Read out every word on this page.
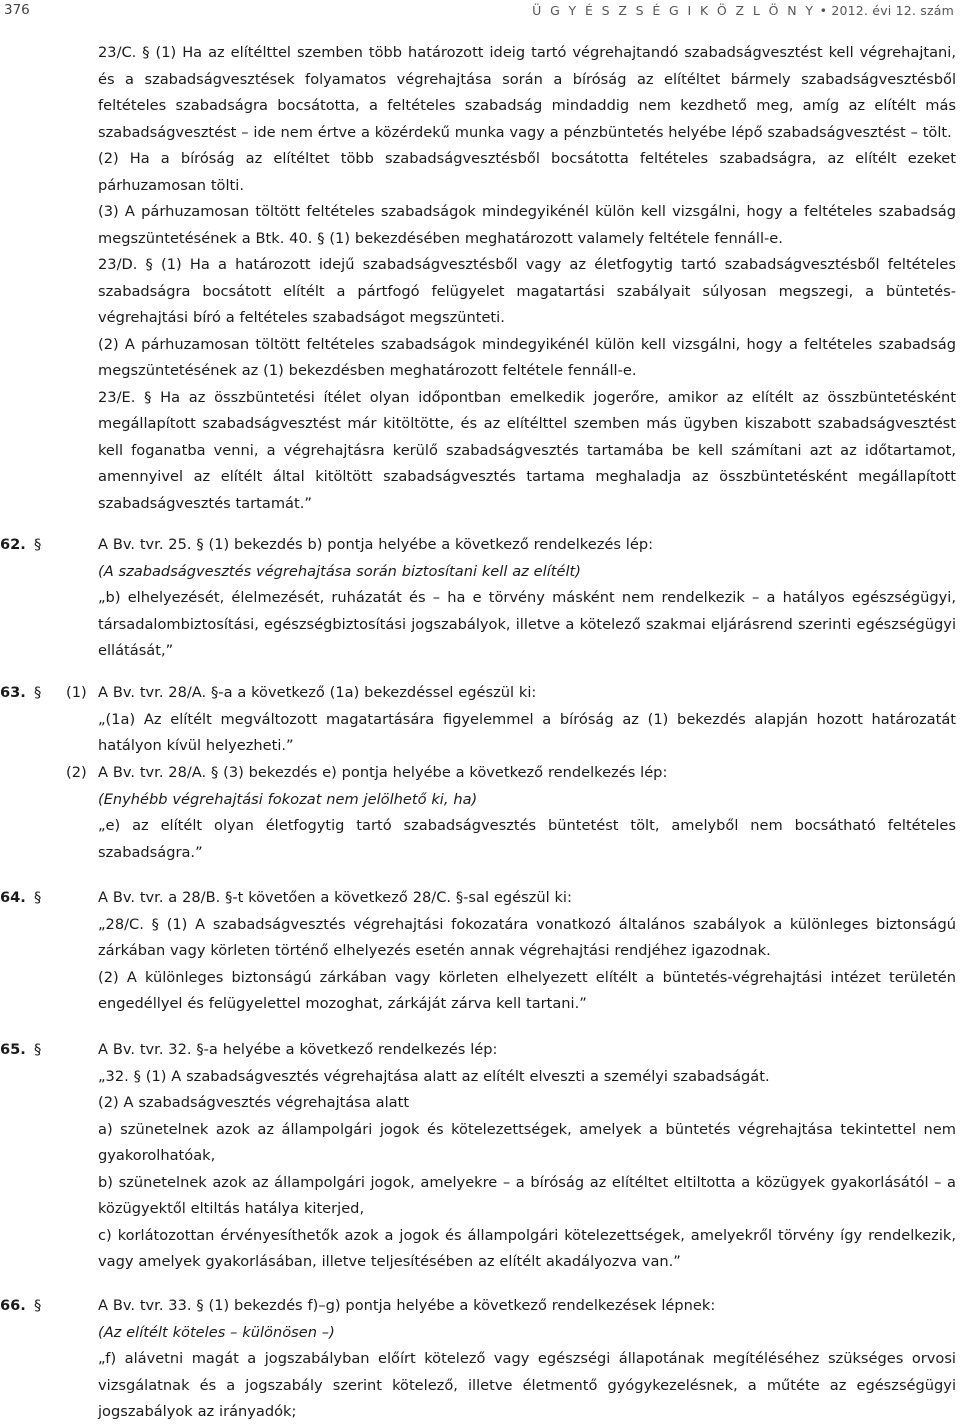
376	Ü G Y É S Z S É G I K Ö Z L Ö N Y • 2012. évi 12. szám

23/C. § (1) Ha az elítélttel szemben több határozott ideig tartó végrehajtandó szabadságvesztést kell végrehajtani, és a szabadságvesztések folyamatos végrehajtása során a bíróság az elítéltet bármely szabadságvesztésből feltételes szabadságra bocsátotta, a feltételes szabadság mindaddig nem kezdhető meg, amíg az elítélt más szabadságvesztést – ide nem értve a közérdekű munka vagy a pénzbüntetés helyébe lépő szabadságvesztést – tölt.

(2) Ha a bíróság az elítéltet több szabadságvesztésből bocsátotta feltételes szabadságra, az elítélt ezeket párhuzamosan tölti.

(3) A párhuzamosan töltött feltételes szabadságok mindegyikénél külön kell vizsgálni, hogy a feltételes szabadság megszüntetésének a Btk. 40. § (1) bekezdésében meghatározott valamely feltétele fennáll-e.

23/D. § (1) Ha a határozott idejű szabadságvesztésből vagy az életfogytig tartó szabadságvesztésből feltételes szabadságra bocsátott elítélt a pártfogó felügyelet magatartási szabályait súlyosan megszegi, a büntetés-végrehajtási bíró a feltételes szabadságot megszünteti.

(2) A párhuzamosan töltött feltételes szabadságok mindegyikénél külön kell vizsgálni, hogy a feltételes szabadság megszüntetésének az (1) bekezdésben meghatározott feltétele fennáll-e.

23/E. § Ha az összbüntetési ítélet olyan időpontban emelkedik jogerőre, amikor az elítélt az összbüntetésként megállapított szabadságvesztést már kitöltötte, és az elítélttel szemben más ügyben kiszabott szabadságvesztést kell foganatba venni, a végrehajtásra kerülő szabadságvesztés tartamába be kell számítani azt az időtartamot, amennyivel az elítélt által kitöltött szabadságvesztés tartama meghaladja az összbüntetésként megállapított szabadságvesztés tartamát.”

62. §	A Bv. tvr. 25. § (1) bekezdés b) pontja helyébe a következő rendelkezés lép:

(A szabadságvesztés végrehajtása során biztosítani kell az elítélt)

„b) elhelyezését, élelmezését, ruházatát és – ha e törvény másként nem rendelkezik – a hatályos egészségügyi, társadalombiztosítási, egészségbiztosítási jogszabályok, illetve a kötelező szakmai eljárásrend szerinti egészségügyi ellátását,”

63. § (1) A Bv. tvr. 28/A. §-a a következő (1a) bekezdéssel egészül ki:

„(1a) Az elítélt megváltozott magatartására figyelemmel a bíróság az (1) bekezdés alapján hozott határozatát hatályon kívül helyezheti.”

(2) A Bv. tvr. 28/A. § (3) bekezdés e) pontja helyébe a következő rendelkezés lép:

(Enyhébb végrehajtási fokozat nem jelölhető ki, ha)

„e) az elítélt olyan életfogytig tartó szabadságvesztés büntetést tölt, amelyből nem bocsátható feltételes szabadságra.”

64. §	A Bv. tvr. a 28/B. §-t követően a következő 28/C. §-sal egészül ki:

„28/C. § (1) A szabadságvesztés végrehajtási fokozatára vonatkozó általános szabályok a különleges biztonságú zárkában vagy körleten történő elhelyezés esetén annak végrehajtási rendjéhez igazodnak.

(2) A különleges biztonságú zárkában vagy körleten elhelyezett elítélt a büntetés-végrehajtási intézet területén engedéllyel és felügyelettel mozoghat, zárkáját zárva kell tartani.”

65. §	A Bv. tvr. 32. §-a helyébe a következő rendelkezés lép:

„32. § (1) A szabadságvesztés végrehajtása alatt az elítélt elveszti a személyi szabadságát.

(2) A szabadságvesztés végrehajtása alatt

a) szünetelnek azok az állampolgári jogok és kötelezettségek, amelyek a büntetés végrehajtása tekintettel nem gyakorolhatóak,

b) szünetelnek azok az állampolgári jogok, amelyekre – a bíróság az elítéltet eltiltotta a közügyek gyakorlásától – a közügyektől eltiltás hatálya kiterjed,

c) korlátozottan érvényesíthetők azok a jogok és állampolgári kötelezettségek, amelyekről törvény így rendelkezik, vagy amelyek gyakorlásában, illetve teljesítésében az elítélt akadályozva van.”

66. §	A Bv. tvr. 33. § (1) bekezdés f)–g) pontja helyébe a következő rendelkezések lépnek:

(Az elítélt köteles – különösen –)

„f) alávetni magát a jogszabályban előírt kötelező vagy egészségi állapotának megítéléséhez szükséges orvosi vizsgálatnak és a jogszabály szerint kötelező, illetve életmentő gyógykezelésnek, a műtéte az egészségügyi jogszabályok az irányadók;
